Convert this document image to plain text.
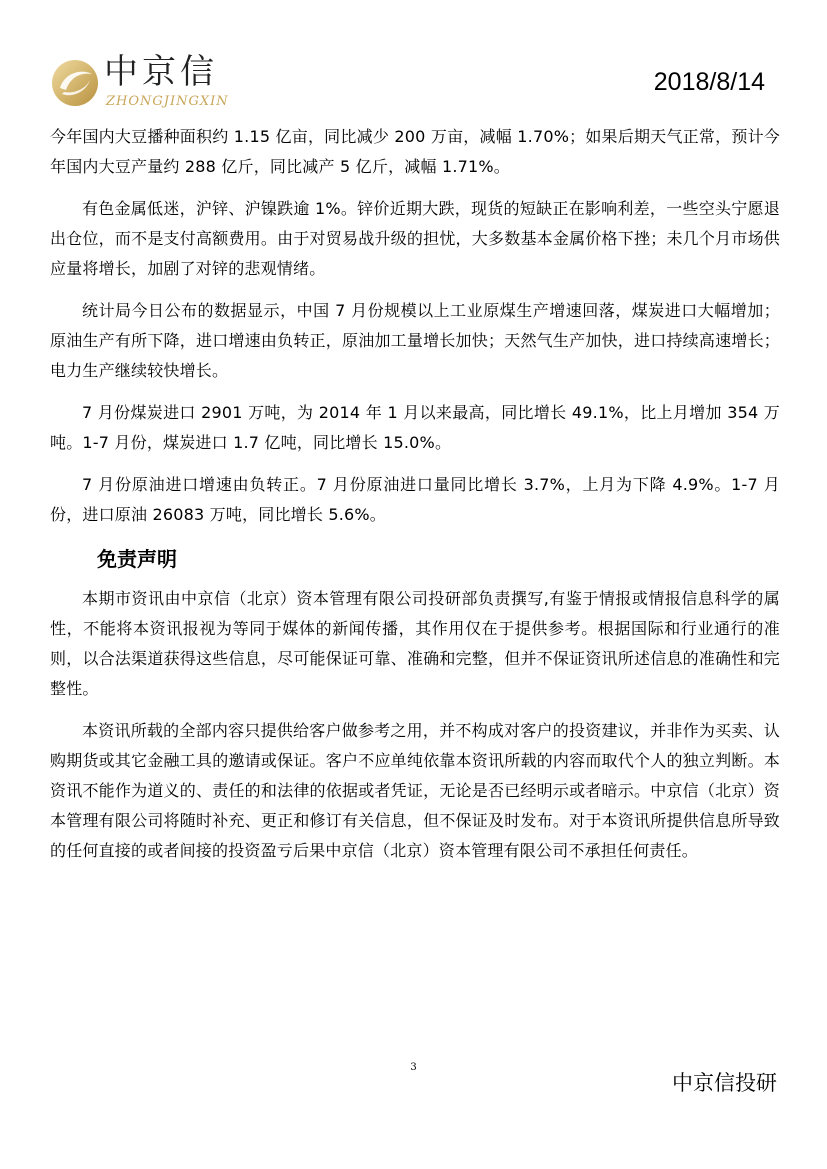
中京信
ZHONGJINGXIN
2018/8/14

今年国内大豆播种面积约 1.15 亿亩，同比减少 200 万亩，减幅 1.70%；如果后期天气正常，预计今年国内大豆产量约 288 亿斤，同比减产 5 亿斤，减幅 1.71%。

有色金属低迷，沪锌、沪镍跌逾 1%。锌价近期大跌，现货的短缺正在影响利差，一些空头宁愿退出仓位，而不是支付高额费用。由于对贸易战升级的担忧，大多数基本金属价格下挫；未几个月市场供应量将增长，加剧了对锌的悲观情绪。

统计局今日公布的数据显示，中国 7 月份规模以上工业原煤生产增速回落，煤炭进口大幅增加；原油生产有所下降，进口增速由负转正，原油加工量增长加快；天然气生产加快，进口持续高速增长；电力生产继续较快增长。

7 月份煤炭进口 2901 万吨，为 2014 年 1 月以来最高，同比增长 49.1%，比上月增加 354 万吨。1-7 月份，煤炭进口 1.7 亿吨，同比增长 15.0%。

7 月份原油进口增速由负转正。7 月份原油进口量同比增长 3.7%，上月为下降 4.9%。1-7 月份，进口原油 26083 万吨，同比增长 5.6%。

免责声明

本期市资讯由中京信（北京）资本管理有限公司投研部负责撰写,有鉴于情报或情报信息科学的属性，不能将本资讯报视为等同于媒体的新闻传播，其作用仅在于提供参考。根据国际和行业通行的准则，以合法渠道获得这些信息，尽可能保证可靠、准确和完整，但并不保证资讯所述信息的准确性和完整性。

本资讯所载的全部内容只提供给客户做参考之用，并不构成对客户的投资建议，并非作为买卖、认购期货或其它金融工具的邀请或保证。客户不应单纯依靠本资讯所载的内容而取代个人的独立判断。本资讯不能作为道义的、责任的和法律的依据或者凭证，无论是否已经明示或者暗示。中京信（北京）资本管理有限公司将随时补充、更正和修订有关信息，但不保证及时发布。对于本资讯所提供信息所导致的任何直接的或者间接的投资盈亏后果中京信（北京）资本管理有限公司不承担任何责任。

3
中京信投研
